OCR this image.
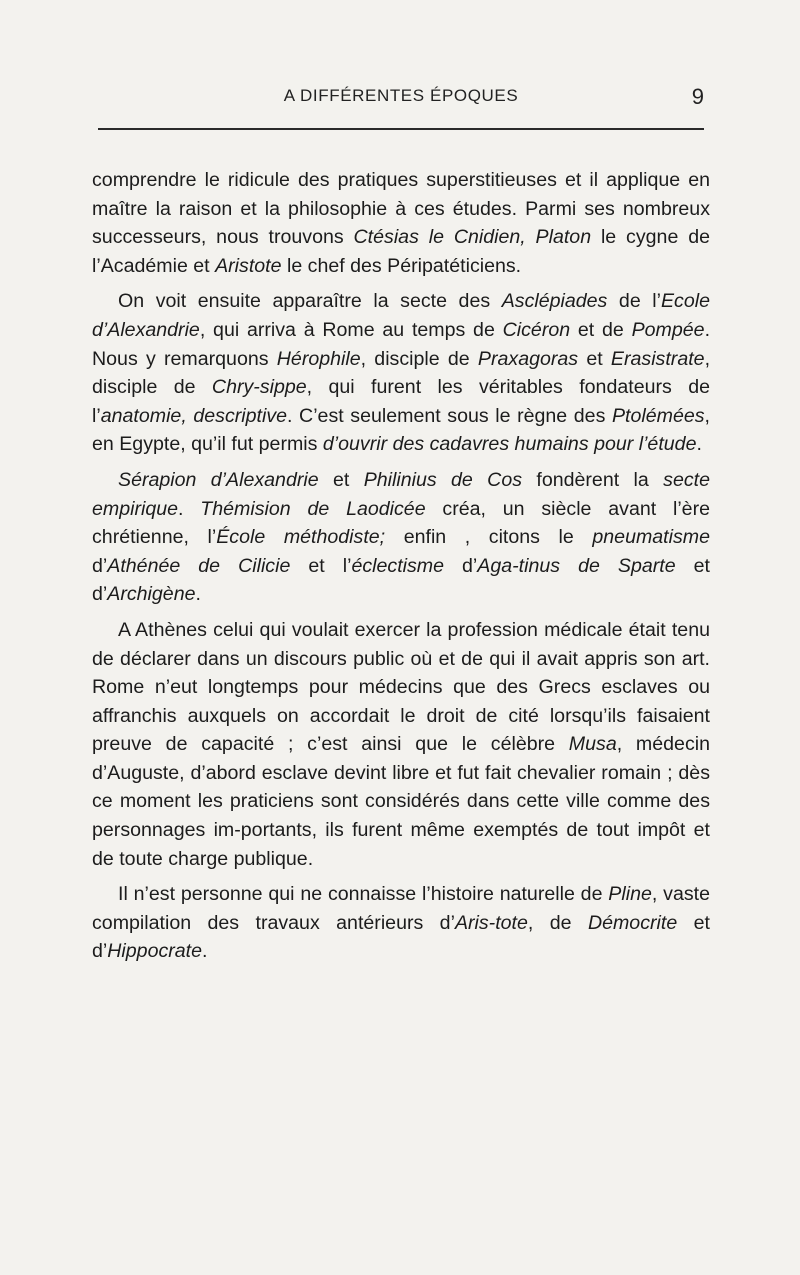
A DIFFÉRENTES ÉPOQUES	9

comprendre le ridicule des pratiques superstitieuses et il applique en maître la raison et la philosophie à ces études. Parmi ses nombreux successeurs, nous trouvons Ctésias le Cnidien, Platon le cygne de l’Académie et Aristote le chef des Péripatéticiens.

On voit ensuite apparaître la secte des Asclépiades de l’Ecole d’Alexandrie, qui arriva à Rome au temps de Cicéron et de Pompée. Nous y remarquons Hérophile, disciple de Praxagoras et Erasistrate, disciple de Chry-sippe, qui furent les véritables fondateurs de l’anatomie, descriptive. C’est seulement sous le règne des Ptolémées, en Egypte, qu’il fut permis d’ouvrir des cadavres humains pour l’étude.

Sérapion d’Alexandrie et Philinius de Cos fondèrent la secte empirique. Thémision de Laodicée créa, un siècle avant l’ère chrétienne, l’École méthodiste; enfin , citons le pneumatisme d’Athénée de Cilicie et l’éclectisme d’Aga-tinus de Sparte et d’Archigène.

A Athènes celui qui voulait exercer la profession médicale était tenu de déclarer dans un discours public où et de qui il avait appris son art. Rome n’eut longtemps pour médecins que des Grecs esclaves ou affranchis auxquels on accordait le droit de cité lorsqu’ils faisaient preuve de capacité ; c’est ainsi que le célèbre Musa, médecin d’Auguste, d’abord esclave devint libre et fut fait chevalier romain ; dès ce moment les praticiens sont considérés dans cette ville comme des personnages im-portants, ils furent même exemptés de tout impôt et de toute charge publique.

Il n’est personne qui ne connaisse l’histoire naturelle de Pline, vaste compilation des travaux antérieurs d’Aris-tote, de Démocrite et d’Hippocrate.
